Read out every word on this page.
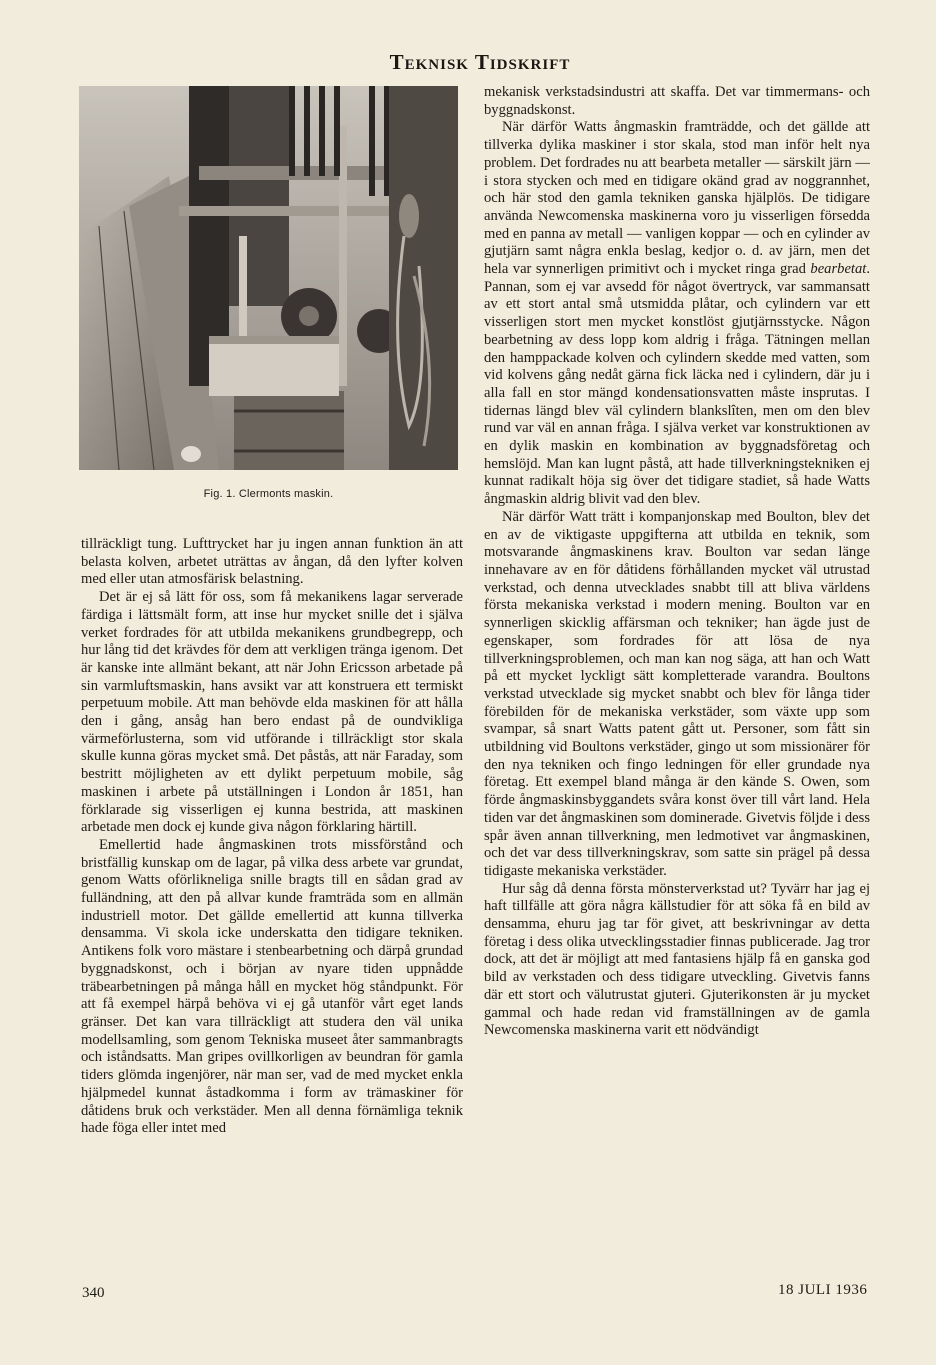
Teknisk Tidskrift
Fig. 1. Clermonts maskin.

tillräckligt tung. Lufttrycket har ju ingen annan funktion än att belasta kolven, arbetet uträttas av ångan, då den lyfter kolven med eller utan atmosfärisk belastning.

Det är ej så lätt för oss, som få mekanikens lagar serverade färdiga i lättsmält form, att inse hur mycket snille det i själva verket fordrades för att utbilda mekanikens grundbegrepp, och hur lång tid det krävdes för dem att verkligen tränga igenom. Det är kanske inte allmänt bekant, att när John Ericsson arbetade på sin varmluftsmaskin, hans avsikt var att konstruera ett termiskt perpetuum mobile. Att man behövde elda maskinen för att hålla den i gång, ansåg han bero endast på de oundvikliga värmeförlusterna, som vid utförande i tillräckligt stor skala skulle kunna göras mycket små. Det påstås, att när Faraday, som bestritt möjligheten av ett dylikt perpetuum mobile, såg maskinen i arbete på utställningen i London år 1851, han förklarade sig visserligen ej kunna bestrida, att maskinen arbetade men dock ej kunde giva någon förklaring härtill.

Emellertid hade ångmaskinen trots missförstånd och bristfällig kunskap om de lagar, på vilka dess arbete var grundat, genom Watts oförlikneliga snille bragts till en sådan grad av fulländning, att den på allvar kunde framträda som en allmän industriell motor. Det gällde emellertid att kunna tillverka densamma. Vi skola icke underskatta den tidigare tekniken. Antikens folk voro mästare i stenbearbetning och därpå grundad byggnadskonst, och i början av nyare tiden uppnådde träbearbetningen på många håll en mycket hög ståndpunkt. För att få exempel härpå behöva vi ej gå utanför vårt eget lands gränser. Det kan vara tillräckligt att studera den väl unika modellsamling, som genom Tekniska museet åter sammanbragts och iståndsatts. Man gripes ovillkorligen av beundran för gamla tiders glömda ingenjörer, när man ser, vad de med mycket enkla hjälpmedel kunnat åstadkomma i form av trämaskiner för dåtidens bruk och verkstäder. Men all denna förnämliga teknik hade föga eller intet med

mekanisk verkstadsindustri att skaffa. Det var timmermans- och byggnadskonst.

När därför Watts ångmaskin framträdde, och det gällde att tillverka dylika maskiner i stor skala, stod man inför helt nya problem. Det fordrades nu att bearbeta metaller — särskilt järn — i stora stycken och med en tidigare okänd grad av noggrannhet, och här stod den gamla tekniken ganska hjälplös. De tidigare använda Newcomenska maskinerna voro ju visserligen försedda med en panna av metall — vanligen koppar — och en cylinder av gjutjärn samt några enkla beslag, kedjor o. d. av järn, men det hela var synnerligen primitivt och i mycket ringa grad bearbetat. Pannan, som ej var avsedd för något övertryck, var sammansatt av ett stort antal små utsmidda plåtar, och cylindern var ett visserligen stort men mycket konstlöst gjutjärnsstycke. Någon bearbetning av dess lopp kom aldrig i fråga. Tätningen mellan den hamppackade kolven och cylindern skedde med vatten, som vid kolvens gång nedåt gärna fick läcka ned i cylindern, där ju i alla fall en stor mängd kondensationsvatten måste insprutas. I tidernas längd blev väl cylindern blankslîten, men om den blev rund var väl en annan fråga. I själva verket var konstruktionen av en dylik maskin en kombination av byggnadsföretag och hemslöjd. Man kan lugnt påstå, att hade tillverkningstekniken ej kunnat radikalt höja sig över det tidigare stadiet, så hade Watts ångmaskin aldrig blivit vad den blev.

När därför Watt trätt i kompanjonskap med Boulton, blev det en av de viktigaste uppgifterna att utbilda en teknik, som motsvarande ångmaskinens krav. Boulton var sedan länge innehavare av en för dåtidens förhållanden mycket väl utrustad verkstad, och denna utvecklades snabbt till att bliva världens första mekaniska verkstad i modern mening. Boulton var en synnerligen skicklig affärsman och tekniker; han ägde just de egenskaper, som fordrades för att lösa de nya tillverkningsproblemen, och man kan nog säga, att han och Watt på ett mycket lyckligt sätt kompletterade varandra. Boultons verkstad utvecklade sig mycket snabbt och blev för långa tider förebilden för de mekaniska verkstäder, som växte upp som svampar, så snart Watts patent gått ut. Personer, som fått sin utbildning vid Boultons verkstäder, gingo ut som missionärer för den nya tekniken och fingo ledningen för eller grundade nya företag. Ett exempel bland många är den kände S. Owen, som förde ångmaskinsbyggandets svåra konst över till vårt land. Hela tiden var det ångmaskinen som dominerade. Givetvis följde i dess spår även annan tillverkning, men ledmotivet var ångmaskinen, och det var dess tillverkningskrav, som satte sin prägel på dessa tidigaste mekaniska verkstäder.

Hur såg då denna första mönsterverkstad ut? Tyvärr har jag ej haft tillfälle att göra några källstudier för att söka få en bild av densamma, ehuru jag tar för givet, att beskrivningar av detta företag i dess olika utvecklingsstadier finnas publicerade. Jag tror dock, att det är möjligt att med fantasiens hjälp få en ganska god bild av verkstaden och dess tidigare utveckling. Givetvis fanns där ett stort och välutrustat gjuteri. Gjuterikonsten är ju mycket gammal och hade redan vid framställningen av de gamla Newcomenska maskinerna varit ett nödvändigt

340	18 JULI 1936
